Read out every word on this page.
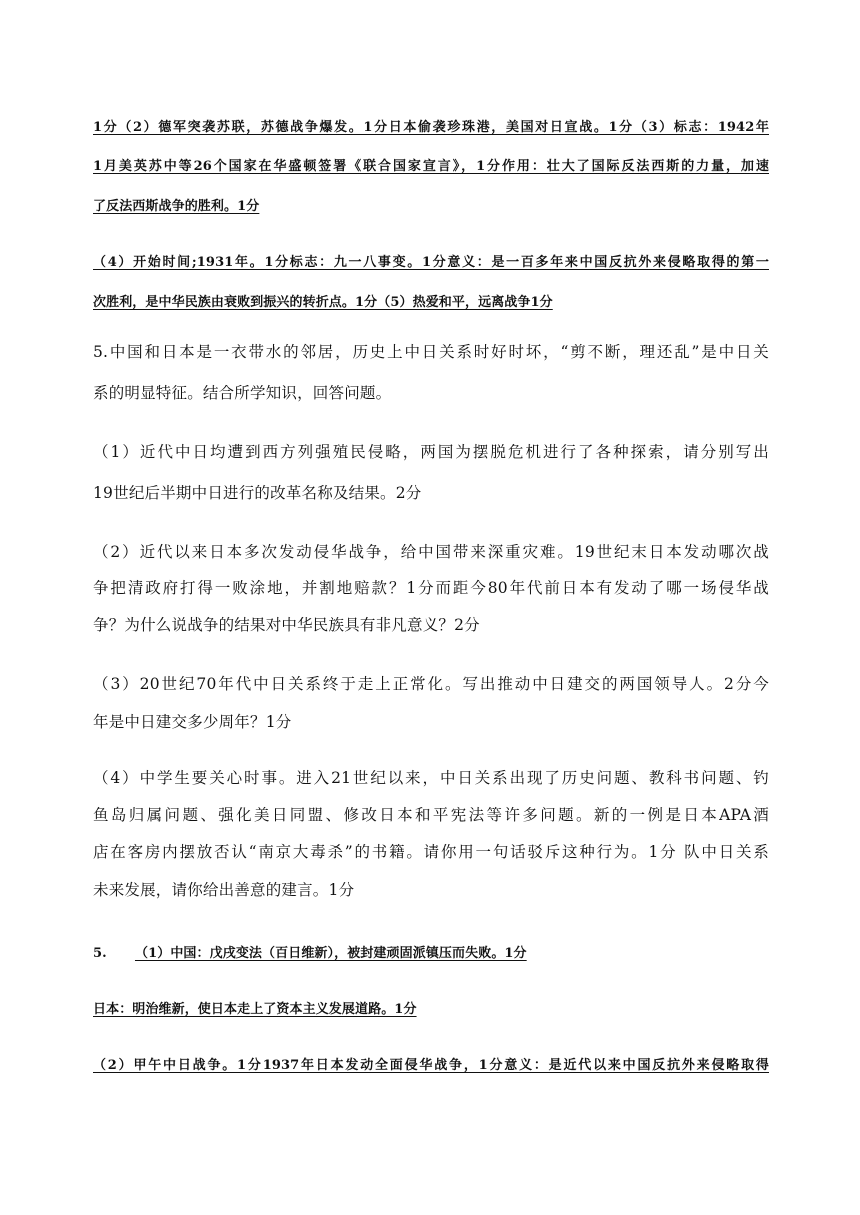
1分（2）德军突袭苏联，苏德战争爆发。1分日本偷袭珍珠港，美国对日宣战。1分（3）标志：1942年
1月美英苏中等26个国家在华盛顿签署《联合国家宣言》，1分作用：壮大了国际反法西斯的力量，加速
了反法西斯战争的胜利。1分
（4）开始时间;1931年。1分标志：九一八事变。1分意义：是一百多年来中国反抗外来侵略取得的第一
次胜利，是中华民族由衰败到振兴的转折点。1分（5）热爱和平，远离战争1分
5.中国和日本是一衣带水的邻居，历史上中日关系时好时坏，“剪不断，理还乱”是中日关
系的明显特征。结合所学知识，回答问题。
（1）近代中日均遭到西方列强殖民侵略，两国为摆脱危机进行了各种探索，请分别写出
19世纪后半期中日进行的改革名称及结果。2分
（2）近代以来日本多次发动侵华战争，给中国带来深重灾难。19世纪末日本发动哪次战
争把清政府打得一败涂地，并割地赔款？1分而距今80年代前日本有发动了哪一场侵华战
争？为什么说战争的结果对中华民族具有非凡意义？2分
（3）20世纪70年代中日关系终于走上正常化。写出推动中日建交的两国领导人。2分今
年是中日建交多少周年？1分
（4）中学生要关心时事。进入21世纪以来，中日关系出现了历史问题、教科书问题、钓
鱼岛归属问题、强化美日同盟、修改日本和平宪法等许多问题。新的一例是日本APA酒
店在客房内摆放否认“南京大毒杀”的书籍。请你用一句话驳斥这种行为。1分 队中日关系
未来发展，请你给出善意的建言。1分
5. （1）中国：戊戌变法（百日维新），被封建顽固派镇压而失败。1分
日本：明治维新，使日本走上了资本主义发展道路。1分
（2）甲午中日战争。1分1937年日本发动全面侵华战争，1分意义：是近代以来中国反抗外来侵略取得
